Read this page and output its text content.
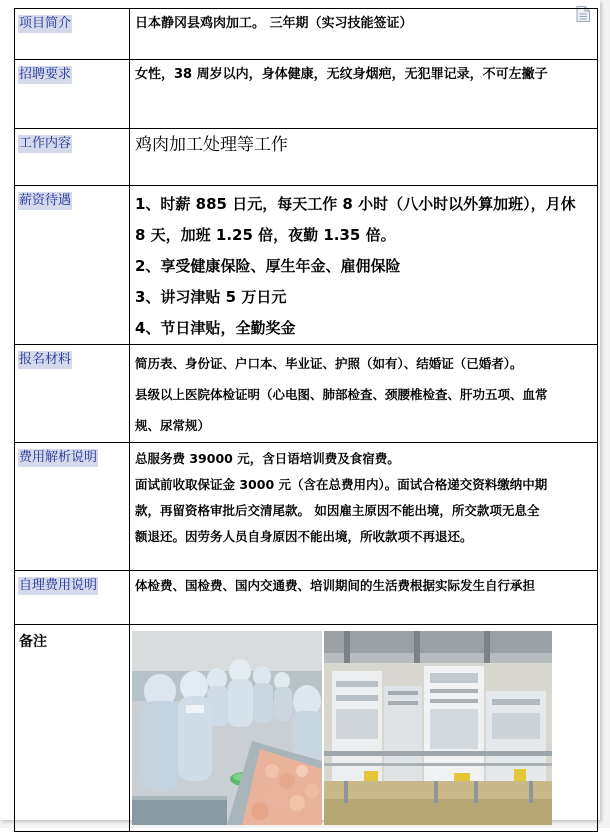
项目简介	日本静冈县鸡肉加工。 三年期（实习技能签证）

招聘要求	女性，38 周岁以内，身体健康，无纹身烟疤，无犯罪记录，不可左撇子

工作内容	鸡肉加工处理等工作

薪资待遇	1、时薪 885 日元，每天工作 8 小时（八小时以外算加班），月休
8 天，加班 1.25 倍，夜勤 1.35 倍。
2、享受健康保险、厚生年金、雇佣保险
3、讲习津贴 5 万日元
4、节日津贴，全勤奖金

报名材料	简历表、身份证、户口本、毕业证、护照（如有）、结婚证（已婚者）。
县级以上医院体检证明（心电图、肺部检查、颈腰椎检查、肝功五项、血常
规、尿常规）

费用解析说明	总服务费 39000 元，含日语培训费及食宿费。
面试前收取保证金 3000 元（含在总费用内）。面试合格递交资料缴纳中期
款，再留资格审批后交清尾款。 如因雇主原因不能出境，所交款项无息全
额退还。因劳务人员自身原因不能出境，所收款项不再退还。

自理费用说明	体检费、国检费、国内交通费、培训期间的生活费根据实际发生自行承担

备注	
